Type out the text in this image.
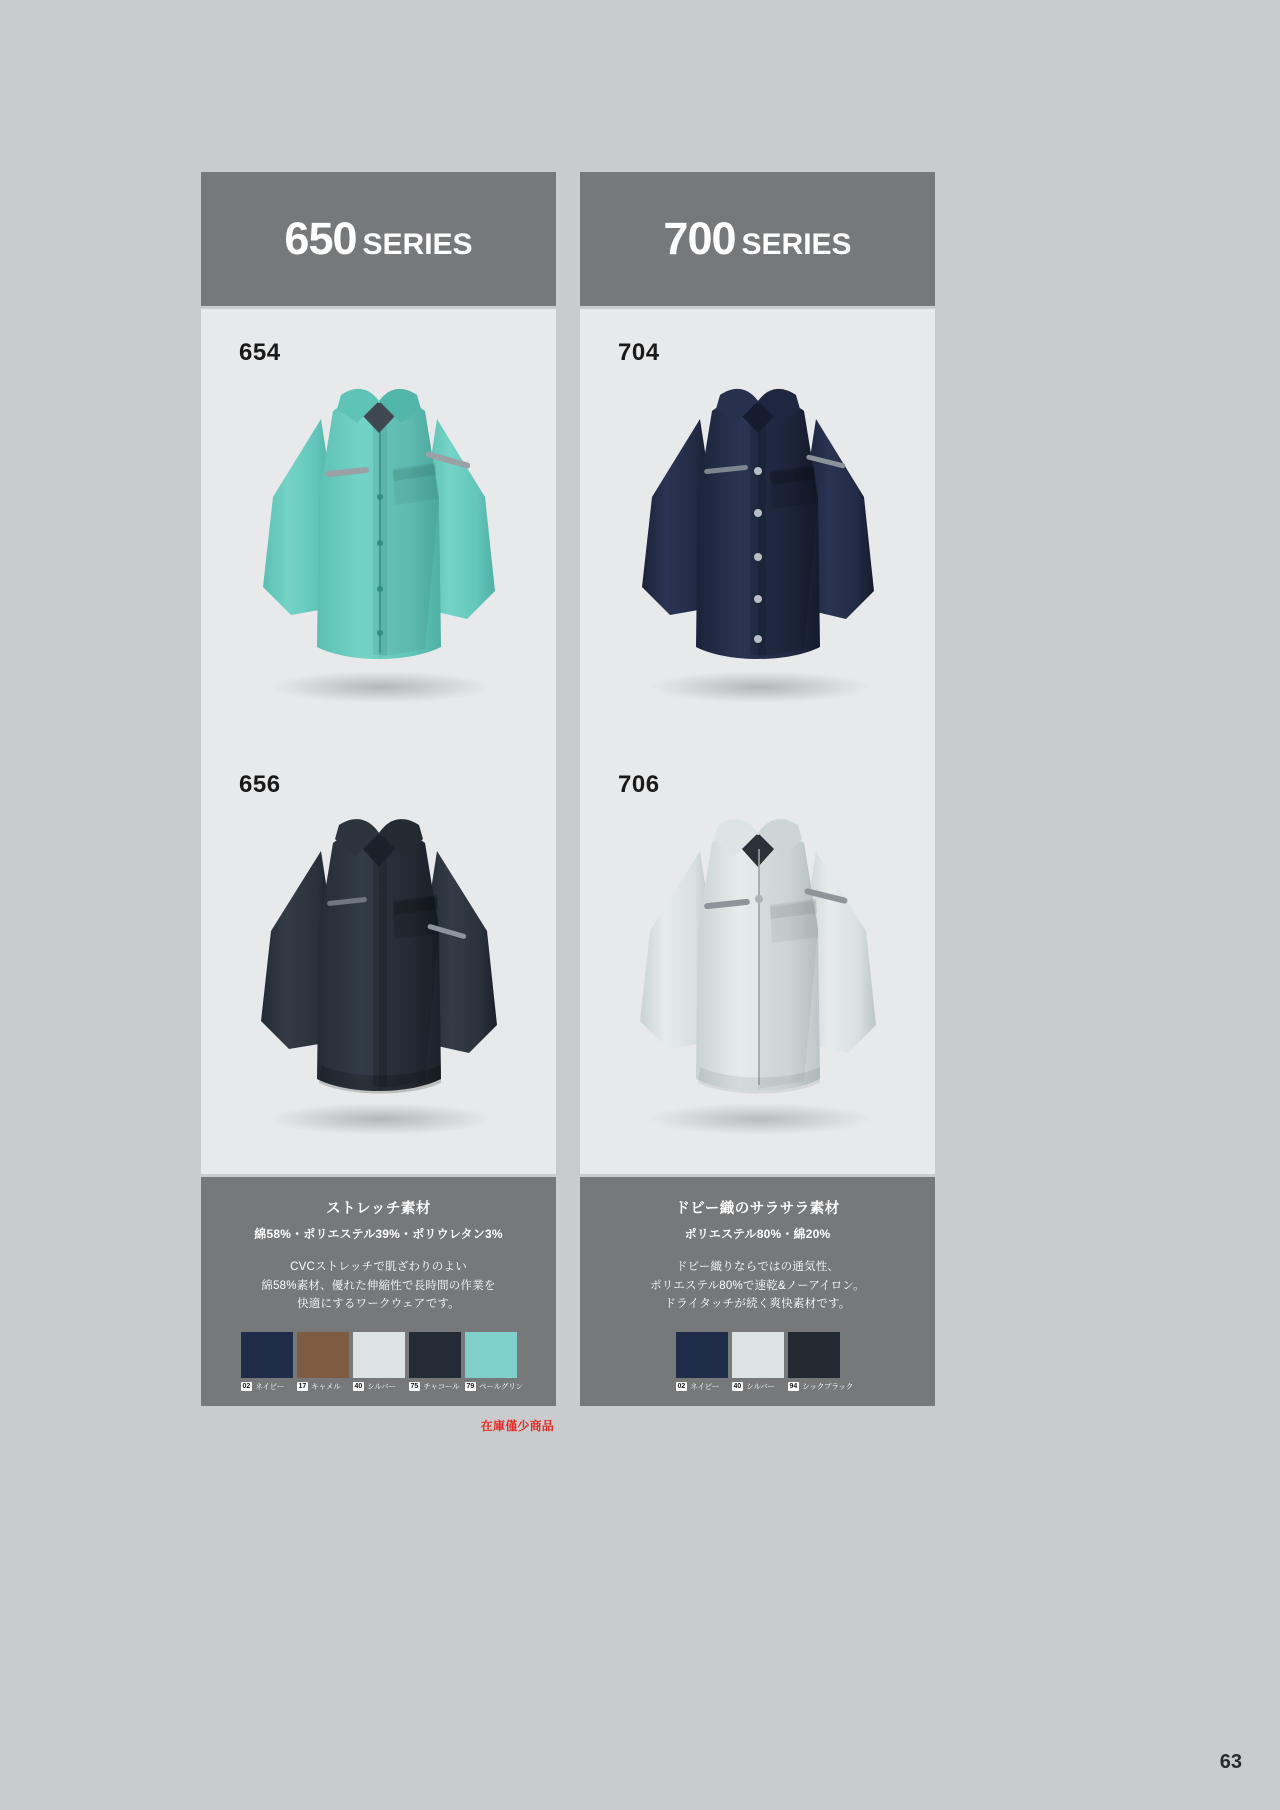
650 SERIES
654
656
ストレッチ素材
綿58%・ポリエステル39%・ポリウレタン3%
CVCストレッチで肌ざわりのよい
綿58%素材、優れた伸縮性で長時間の作業を
快適にするワークウェアです。
02 ネイビー 17 キャメル 40 シルバー 75 チャコール 79 ペールグリン
在庫僅少商品
700 SERIES
704
706
ドビー織のサラサラ素材
ポリエステル80%・綿20%
ドビー織りならではの通気性、
ポリエステル80%で速乾&ノーアイロン。
ドライタッチが続く爽快素材です。
02 ネイビー 40 シルバー 94 シックブラック
63
